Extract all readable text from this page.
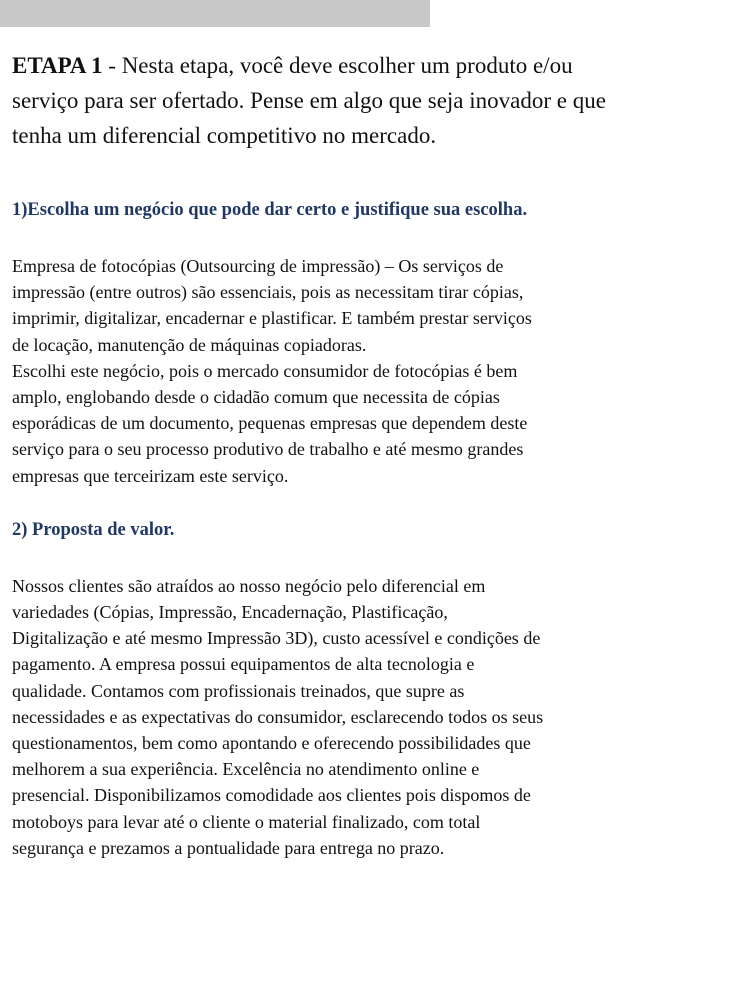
ETAPA 1 - Nesta etapa, você deve escolher um produto e/ou
serviço para ser ofertado. Pense em algo que seja inovador e que
tenha um diferencial competitivo no mercado.

1)Escolha um negócio que pode dar certo e justifique sua escolha.
Empresa de fotocópias (Outsourcing de impressão) – Os serviços de
impressão (entre outros) são essenciais, pois as necessitam tirar cópias,
imprimir, digitalizar, encadernar e plastificar. E também prestar serviços
de locação, manutenção de máquinas copiadoras.
Escolhi este negócio, pois o mercado consumidor de fotocópias é bem
amplo, englobando desde o cidadão comum que necessita de cópias
esporádicas de um documento, pequenas empresas que dependem deste
serviço para o seu processo produtivo de trabalho e até mesmo grandes
empresas que terceirizam este serviço.
2) Proposta de valor.
Nossos clientes são atraídos ao nosso negócio pelo diferencial em
variedades (Cópias, Impressão, Encadernação, Plastificação,
Digitalização e até mesmo Impressão 3D), custo acessível e condições de
pagamento. A empresa possui equipamentos de alta tecnologia e
qualidade. Contamos com profissionais treinados, que supre as
necessidades e as expectativas do consumidor, esclarecendo todos os seus
questionamentos, bem como apontando e oferecendo possibilidades que
melhorem a sua experiência. Excelência no atendimento online e
presencial. Disponibilizamos comodidade aos clientes pois dispomos de
motoboys para levar até o cliente o material finalizado, com total
segurança e prezamos a pontualidade para entrega no prazo.
